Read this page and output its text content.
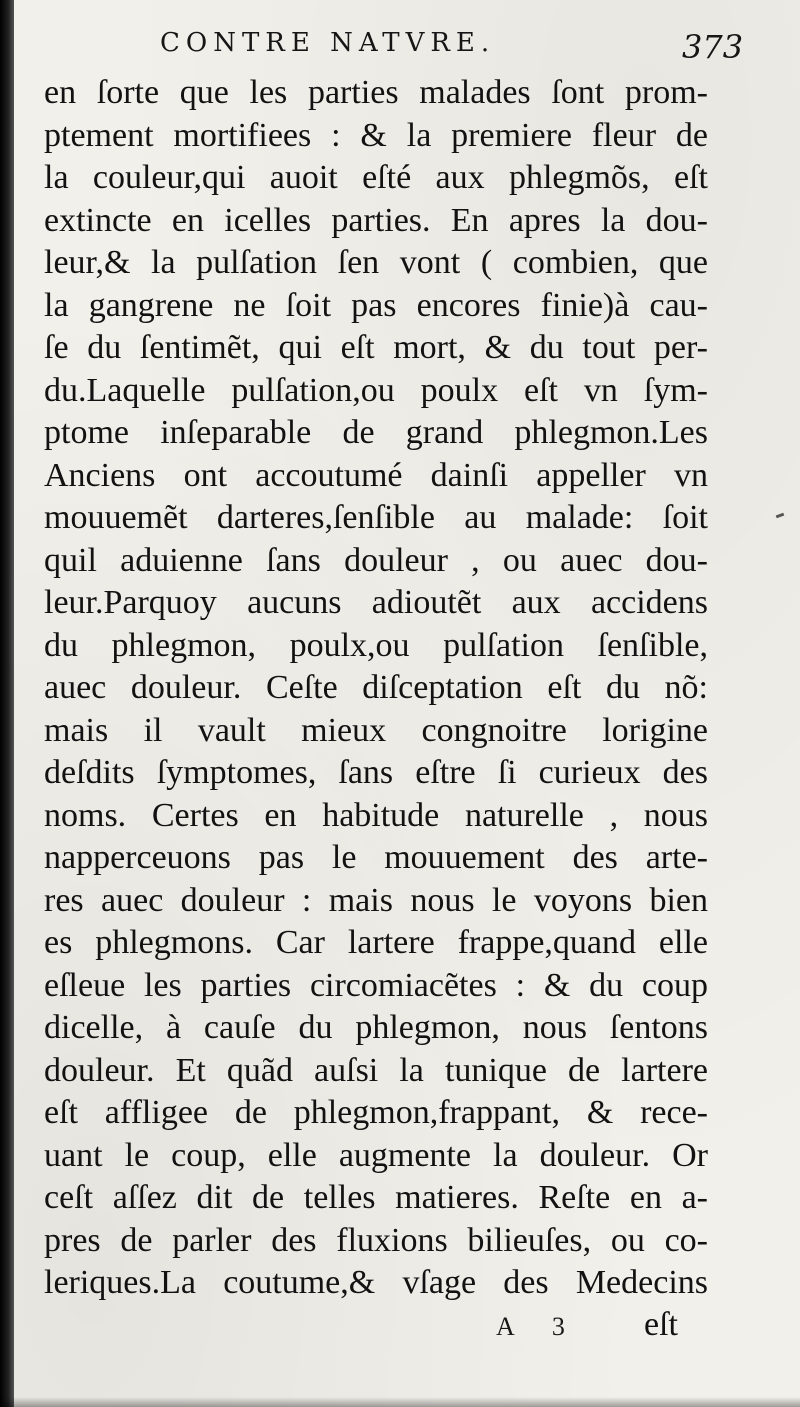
CONTRE NATVRE.	373
en ſorte que les parties malades ſont prom-
ptement mortifiees : & la premiere fleur de
la couleur,qui auoit eſté aux phlegmõs, eſt
extincte en icelles parties. En apres la dou-
leur,& la pulſation ſen vont ( combien, que
la gangrene ne ſoit pas encores finie)à cau-
ſe du ſentimẽt, qui eſt mort, & du tout per-
du.Laquelle pulſation,ou poulx eſt vn ſym-
ptome inſeparable de grand phlegmon.Les
Anciens ont accoutumé dainſi appeller vn
mouuemẽt darteres,ſenſible au malade: ſoit
quil aduienne ſans douleur , ou auec dou-
leur.Parquoy aucuns adioutẽt aux accidens
du phlegmon, poulx,ou pulſation ſenſible,
auec douleur. Ceſte diſceptation eſt du nõ:
mais il vault mieux congnoitre lorigine
deſdits ſymptomes, ſans eſtre ſi curieux des
noms. Certes en habitude naturelle , nous
napperceuons pas le mouuement des arte-
res auec douleur : mais nous le voyons bien
es phlegmons. Car lartere frappe,quand elle
eſleue les parties circomiacẽtes : & du coup
dicelle, à cauſe du phlegmon, nous ſentons
douleur. Et quãd auſsi la tunique de lartere
eſt affligee de phlegmon,frappant, & rece-
uant le coup, elle augmente la douleur. Or
ceſt aſſez dit de telles matieres. Reſte en a-
pres de parler des fluxions bilieuſes, ou co-
leriques.La coutume,& vſage des Medecins
A 3 eſt
